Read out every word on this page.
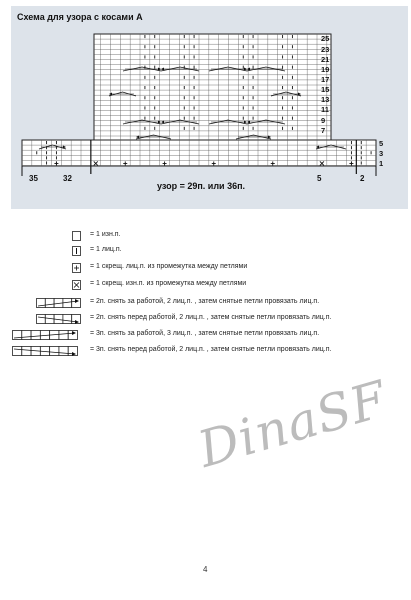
Схема для узора с косами А
25
23
21
19
17
15
13
11
9
7
5
3
1
35	32	5	2
узор = 29п. или 36п.
= 1 изн.п.
= 1 лиц.п.
= 1 скрещ. лиц.п. из промежутка между петлями
= 1 скрещ. изн.п. из промежутка между петлями
= 2п. снять за работой, 2 лиц.п. , затем снятые петли провязать лиц.п.
= 2п. снять перед работой, 2 лиц.п. , затем снятые петли провязать лиц.п.
= 3п. снять за работой, 3 лиц.п. , затем снятые петли провязать лиц.п.
= 3п. снять перед работой, 2 лиц.п. , затем снятые петли провязать лиц.п.
DinaSF
4
